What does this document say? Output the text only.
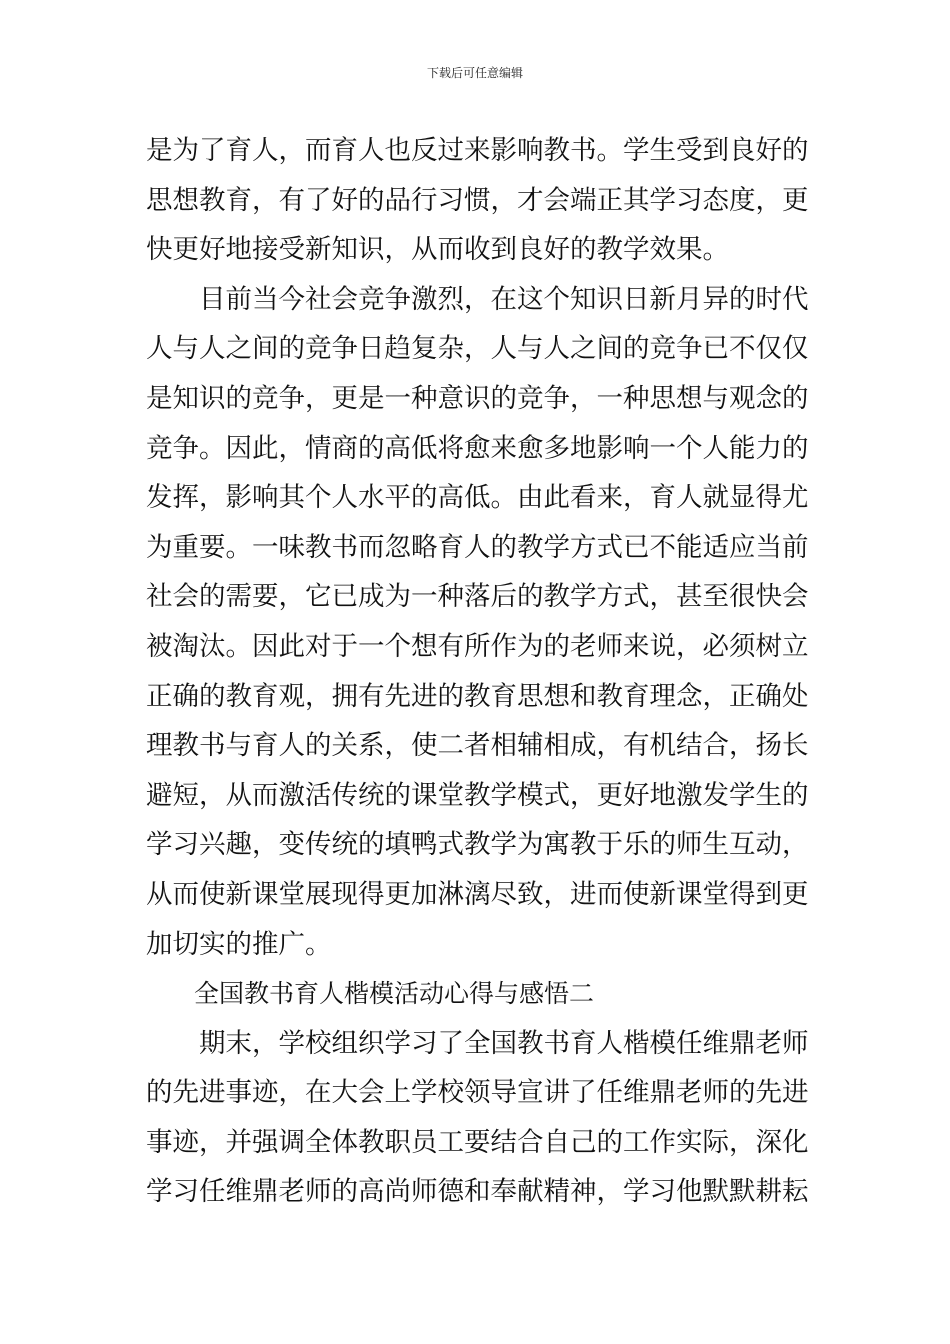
下载后可任意编辑
是为了育人，而育人也反过来影响教书。学生受到良好的
思想教育，有了好的品行习惯，才会端正其学习态度，更
快更好地接受新知识，从而收到良好的教学效果。
目前当今社会竞争激烈，在这个知识日新月异的时代
人与人之间的竞争日趋复杂，人与人之间的竞争已不仅仅
是知识的竞争，更是一种意识的竞争，一种思想与观念的
竞争。因此，情商的高低将愈来愈多地影响一个人能力的
发挥，影响其个人水平的高低。由此看来，育人就显得尤
为重要。一味教书而忽略育人的教学方式已不能适应当前
社会的需要，它已成为一种落后的教学方式，甚至很快会
被淘汰。因此对于一个想有所作为的老师来说，必须树立
正确的教育观，拥有先进的教育思想和教育理念，正确处
理教书与育人的关系，使二者相辅相成，有机结合，扬长
避短，从而激活传统的课堂教学模式，更好地激发学生的
学习兴趣，变传统的填鸭式教学为寓教于乐的师生互动，
从而使新课堂展现得更加淋漓尽致，进而使新课堂得到更
加切实的推广。
全国教书育人楷模活动心得与感悟二
期末，学校组织学习了全国教书育人楷模任维鼎老师
的先进事迹，在大会上学校领导宣讲了任维鼎老师的先进
事迹，并强调全体教职员工要结合自己的工作实际，深化
学习任维鼎老师的高尚师德和奉献精神，学习他默默耕耘
